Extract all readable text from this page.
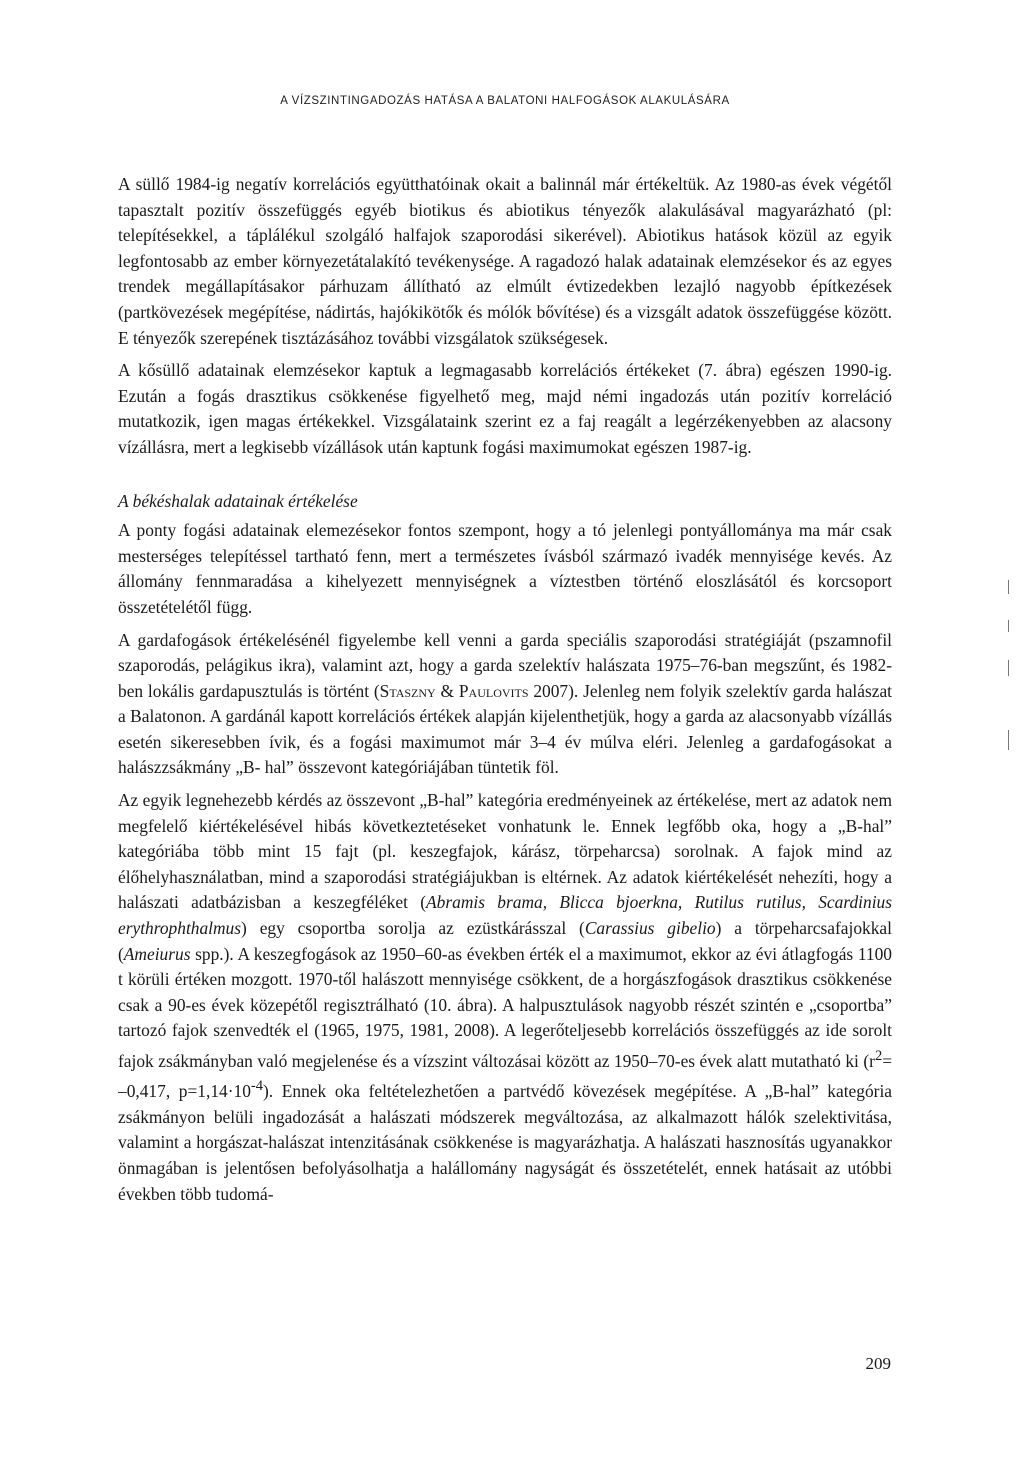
A VÍZSZINTINGADOZÁS HATÁSA A BALATONI HALFOGÁSOK ALAKULÁSÁRA

A süllő 1984-ig negatív korrelációs együtthatóinak okait a balinnál már értékeltük. Az 1980-as évek végétől tapasztalt pozitív összefüggés egyéb biotikus és abiotikus tényezők alakulásával magyarázható (pl: telepítésekkel, a táplálékul szolgáló halfajok szaporodási sikerével). Abiotikus hatások közül az egyik legfontosabb az ember környezetátalakító tevékenysége. A ragadozó halak adatainak elemzésekor és az egyes trendek megállapításakor párhuzam állítható az elmúlt évtizedekben lezajló nagyobb építkezések (partkövezések megépítése, nádirtás, hajókikötők és mólók bővítése) és a vizsgált adatok összefüggése között. E tényezők szerepének tisztázásához további vizsgálatok szükségesek.

A kősüllő adatainak elemzésekor kaptuk a legmagasabb korrelációs értékeket (7. ábra) egészen 1990-ig. Ezután a fogás drasztikus csökkenése figyelhető meg, majd némi ingadozás után pozitív korreláció mutatkozik, igen magas értékekkel. Vizsgálataink szerint ez a faj reagált a legérzékenyebben az alacsony vízállásra, mert a legkisebb vízállások után kaptunk fogási maximumokat egészen 1987-ig.

A békéshalak adatainak értékelése

A ponty fogási adatainak elemezésekor fontos szempont, hogy a tó jelenlegi pontyállománya ma már csak mesterséges telepítéssel tartható fenn, mert a természetes ívásból származó ivadék mennyisége kevés. Az állomány fennmaradása a kihelyezett mennyiségnek a víztestben történő eloszlásától és korcsoport összetételétől függ.

A gardafogások értékelésénél figyelembe kell venni a garda speciális szaporodási stratégiáját (pszamnofil szaporodás, pelágikus ikra), valamint azt, hogy a garda szelektív halászata 1975–76-ban megszűnt, és 1982-ben lokális gardapusztulás is történt (Staszny & Paulovits 2007). Jelenleg nem folyik szelektív garda halászat a Balatonon. A gardánál kapott korrelációs értékek alapján kijelenthetjük, hogy a garda az alacsonyabb vízállás esetén sikeresebben ívik, és a fogási maximumot már 3–4 év múlva eléri. Jelenleg a gardafogásokat a halászzsákmány „B- hal” összevont kategóriájában tüntetik föl.

Az egyik legnehezebb kérdés az összevont „B-hal” kategória eredményeinek az értékelése, mert az adatok nem megfelelő kiértékelésével hibás következtetéseket vonhatunk le. Ennek legfőbb oka, hogy a „B-hal” kategóriába több mint 15 fajt (pl. keszegfajok, kárász, törpeharcsa) sorolnak. A fajok mind az élőhelyhasználatban, mind a szaporodási stratégiájukban is eltérnek. Az adatok kiértékelését nehezíti, hogy a halászati adatbázisban a keszegféléket (Abramis brama, Blicca bjoerkna, Rutilus rutilus, Scardinius erythrophthalmus) egy csoportba sorolja az ezüstkárásszal (Carassius gibelio) a törpeharcsafajokkal (Ameiurus spp.). A keszegfogások az 1950–60-as években érték el a maximumot, ekkor az évi átlagfogás 1100 t körüli értéken mozgott. 1970-től halászott mennyisége csökkent, de a horgászfogások drasztikus csökkenése csak a 90-es évek közepétől regisztrálható (10. ábra). A halpusztulások nagyobb részét szintén e „csoportba” tartozó fajok szenvedték el (1965, 1975, 1981, 2008). A legerőteljesebb korrelációs összefüggés az ide sorolt fajok zsákmányban való megjelenése és a vízszint változásai között az 1950–70-es évek alatt mutatható ki ($r^2= -0,417$, $p=1,14\cdot 10^{-4}$). Ennek oka feltételezhetően a partvédő kövezések megépítése. A „B-hal” kategória zsákmányon belüli ingadozását a halászati módszerek megváltozása, az alkalmazott hálók szelektivitása, valamint a horgászat-halászat intenzitásának csökkenése is magyarázhatja. A halászati hasznosítás ugyanakkor önmagában is jelentősen befolyásolhatja a halállomány nagyságát és összetételét, ennek hatásait az utóbbi években több tudomá-

209
